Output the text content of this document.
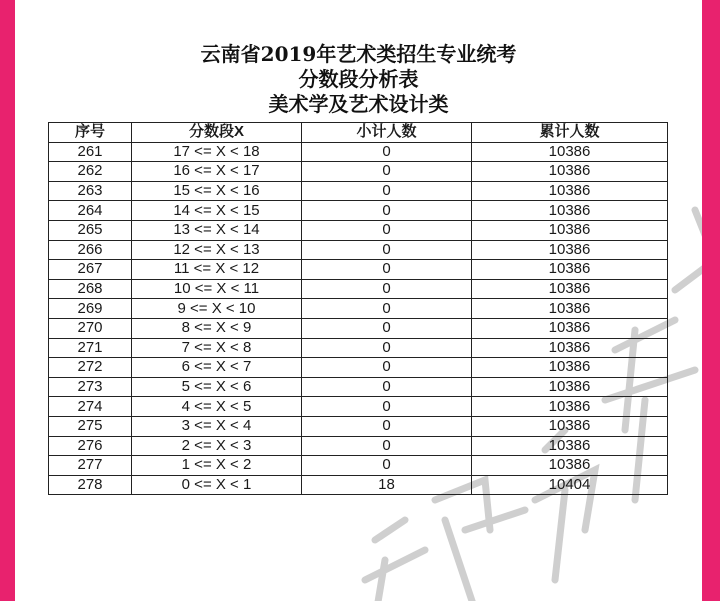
云南省2019年艺术类招生专业统考
分数段分析表
美术学及艺术设计类
序号	分数段X	小计人数	累计人数
261	17 <= X < 18	0	10386
262	16 <= X < 17	0	10386
263	15 <= X < 16	0	10386
264	14 <= X < 15	0	10386
265	13 <= X < 14	0	10386
266	12 <= X < 13	0	10386
267	11 <= X < 12	0	10386
268	10 <= X < 11	0	10386
269	9 <= X < 10	0	10386
270	8 <= X < 9	0	10386
271	7 <= X < 8	0	10386
272	6 <= X < 7	0	10386
273	5 <= X < 6	0	10386
274	4 <= X < 5	0	10386
275	3 <= X < 4	0	10386
276	2 <= X < 3	0	10386
277	1 <= X < 2	0	10386
278	0 <= X < 1	18	10404
